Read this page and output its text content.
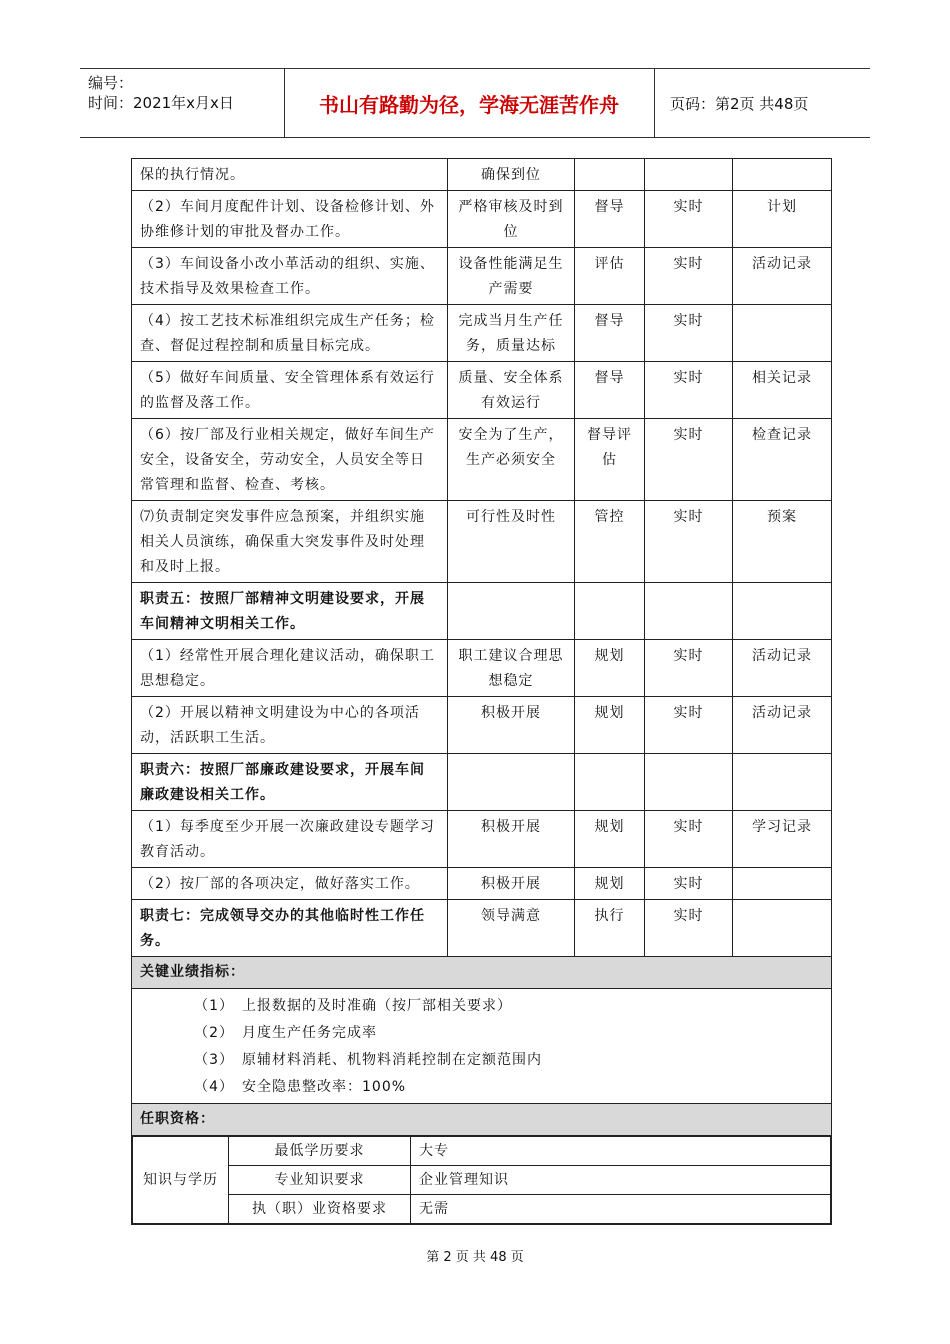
编号：
时间：2021年x月x日	书山有路勤为径，学海无涯苦作舟	页码：第2页 共48页
保的执行情况。	确保到位			
（2）车间月度配件计划、设备检修计划、外协维修计划的审批及督办工作。	严格审核及时到位	督导	实时	计划
（3）车间设备小改小革活动的组织、实施、技术指导及效果检查工作。	设备性能满足生产需要	评估	实时	活动记录
（4）按工艺技术标准组织完成生产任务；检查、督促过程控制和质量目标完成。	完成当月生产任务，质量达标	督导	实时	
（5）做好车间质量、安全管理体系有效运行的监督及落工作。	质量、安全体系有效运行	督导	实时	相关记录
（6）按厂部及行业相关规定，做好车间生产安全，设备安全，劳动安全，人员安全等日常管理和监督、检查、考核。	安全为了生产，生产必须安全	督导评估	实时	检查记录
⑺负责制定突发事件应急预案，并组织实施相关人员演练，确保重大突发事件及时处理和及时上报。	可行性及时性	管控	实时	预案
职责五：按照厂部精神文明建设要求，开展车间精神文明相关工作。				
（1）经常性开展合理化建议活动，确保职工思想稳定。	职工建议合理思想稳定	规划	实时	活动记录
（2）开展以精神文明建设为中心的各项活动，活跃职工生活。	积极开展	规划	实时	活动记录
职责六：按照厂部廉政建设要求，开展车间廉政建设相关工作。				
（1）每季度至少开展一次廉政建设专题学习教育活动。	积极开展	规划	实时	学习记录
（2）按厂部的各项决定，做好落实工作。	积极开展	规划	实时	
职责七：完成领导交办的其他临时性工作任务。	领导满意	执行	实时	
关键业绩指标：

（1） 上报数据的及时准确（按厂部相关要求）
（2） 月度生产任务完成率
（3） 原辅材料消耗、机物料消耗控制在定额范围内
（4） 安全隐患整改率：100%

任职资格：

知识与学历	最低学历要求	大专
专业知识要求	企业管理知识
执（职）业资格要求	无需
第 2 页 共 48 页
